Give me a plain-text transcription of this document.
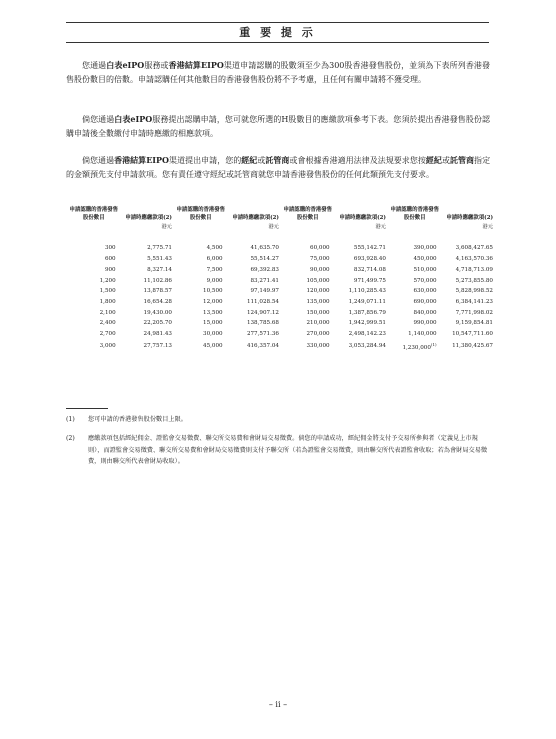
重 要 提 示
您通過白表eIPO服務或香港結算EIPO渠道申請認購的股數須至少為300股香港發售股份，並須為下表所列香港發售股份數目的倍數。申請認購任何其他數目的香港發售股份將不予考慮，且任何有關申請將不獲受理。
倘您通過白表eIPO服務提出認購申請，您可就您所選的H股數目的應繳款項參考下表。您須於提出香港發售股份認購申請後全數繳付申請時應繳的相應款項。
倘您通過香港結算EIPO渠道提出申請，您的經紀或託管商或會根據香港適用法律及法規要求您按經紀或託管商指定的金額預先支付申請款項。您有責任遵守經紀或託管商就您申請香港發售股份的任何此類預先支付要求。
申請認購的香港發售股份數目	申請時應繳款項(2)	申請認購的香港發售股份數目	申請時應繳款項(2)	申請認購的香港發售股份數目	申請時應繳款項(2)	申請認購的香港發售股份數目	申請時應繳款項(2)
	港元		港元		港元		港元

300	2,775.71	4,500	41,635.70	60,000	555,142.71	390,000	3,608,427.65
600	5,551.43	6,000	55,514.27	75,000	693,928.40	450,000	4,163,570.36
900	8,327.14	7,500	69,392.83	90,000	832,714.08	510,000	4,718,713.09
1,200	11,102.86	9,000	83,271.41	105,000	971,499.75	570,000	5,273,855.80
1,500	13,878.57	10,500	97,149.97	120,000	1,110,285.43	630,000	5,828,998.52
1,800	16,654.28	12,000	111,028.54	135,000	1,249,071.11	690,000	6,384,141.23
2,100	19,430.00	13,500	124,907.12	150,000	1,387,856.79	840,000	7,771,998.02
2,400	22,205.70	15,000	138,785.68	210,000	1,942,999.51	990,000	9,159,854.81
2,700	24,981.43	30,000	277,571.36	270,000	2,498,142.23	1,140,000	10,547,711.60
3,000	27,757.13	45,000	416,357.04	330,000	3,053,284.94	1,230,000$^{(1)}$	11,380,425.67
(1) 您可申請的香港發售股份數目上限。
(2) 應繳款項包括經紀佣金、證監會交易徵費、聯交所交易費和會財局交易徵費。倘您的申請成功，經紀佣金將支付予交易所參與者（定義見上市規則），而證監會交易徵費、聯交所交易費和會財局交易徵費則支付予聯交所（若為證監會交易徵費，則由聯交所代表證監會收取；若為會財局交易徵費，則由聯交所代表會財局收取）。
– ii –
